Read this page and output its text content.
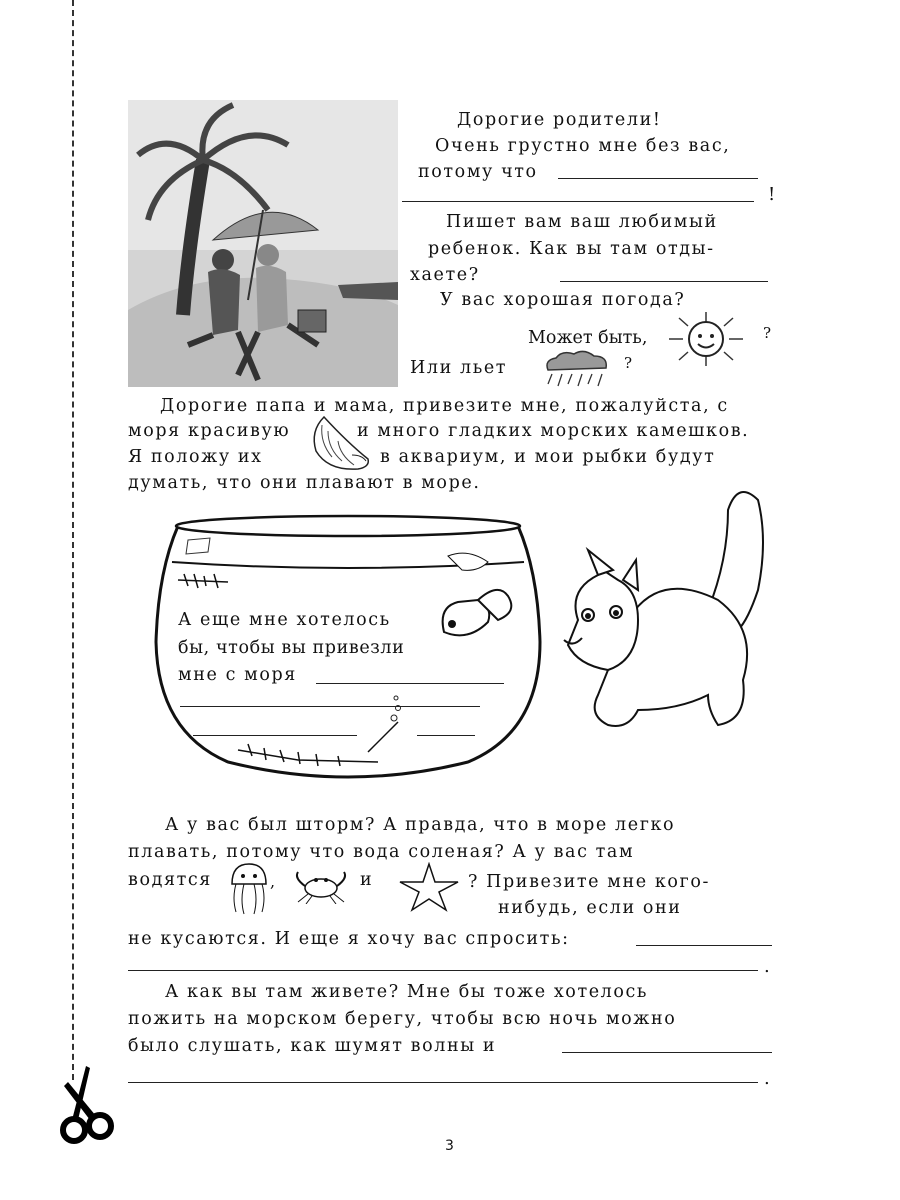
Дорогие родители!
Очень грустно мне без вас,
потому что
!
Пишет вам ваш любимый
ребенок. Как вы там отды-
хаете?
У вас хорошая погода?
Может быть,	?
Или льет	?
Дорогие папа и мама, привезите мне, пожалуйста, с
моря красивую	и много гладких морских камешков.
Я положу их	в аквариум, и мои рыбки будут
думать, что они плавают в море.
А еще мне хотелось
бы, чтобы вы привезли
мне с моря
А у вас был шторм? А правда, что в море легко
плавать, потому что вода соленая? А у вас там
водятся	,	и	? Привезите мне кого-
нибудь, если они
не кусаются. И еще я хочу вас спросить:
.
А как вы там живете? Мне бы тоже хотелось
пожить на морском берегу, чтобы всю ночь можно
было слушать, как шумят волны и
.
3
